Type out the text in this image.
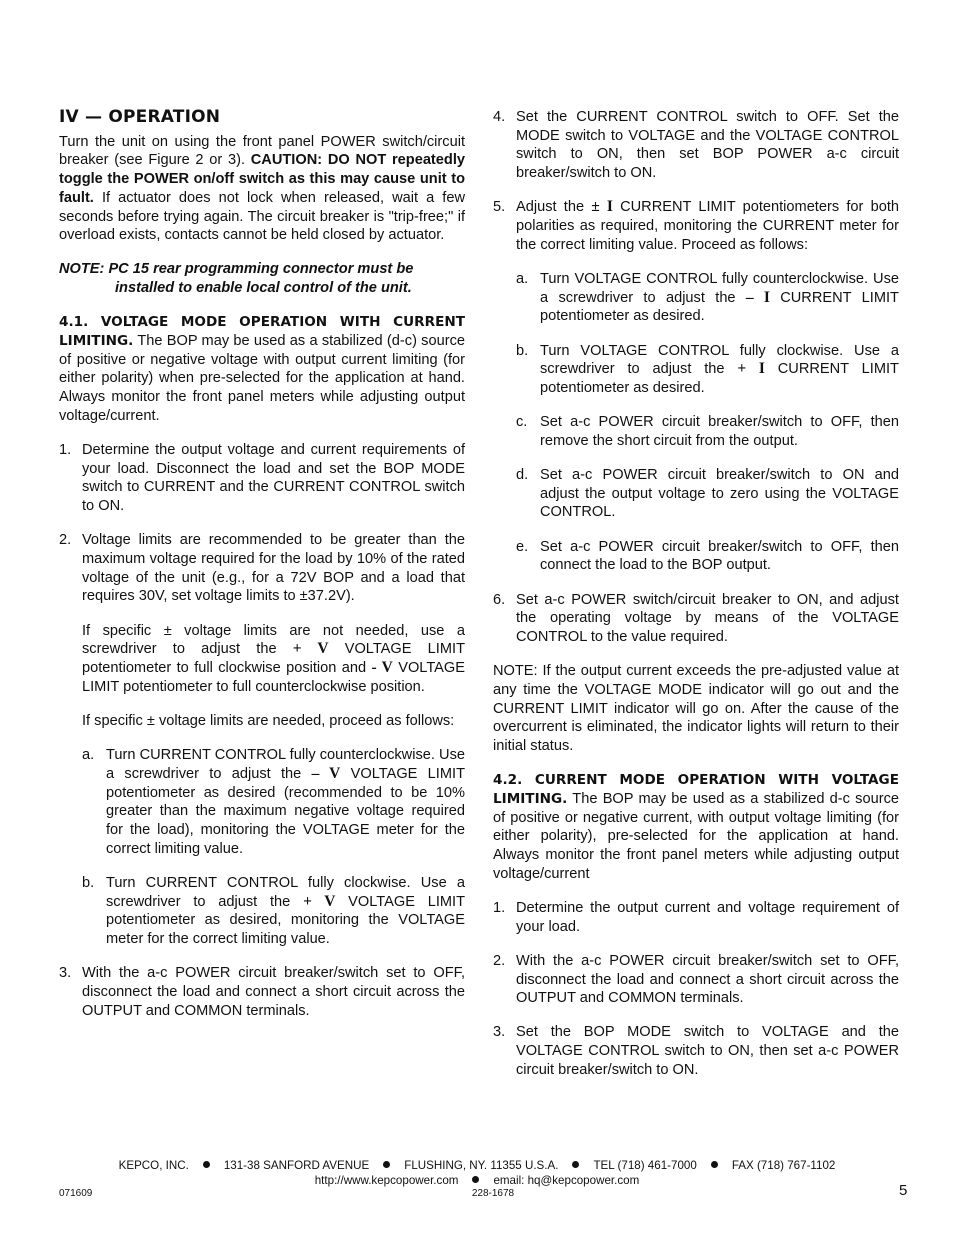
IV — OPERATION

Turn the unit on using the front panel POWER switch/circuit breaker (see Figure 2 or 3). CAUTION: DO NOT repeatedly toggle the POWER on/off switch as this may cause unit to fault. If actuator does not lock when released, wait a few seconds before trying again. The circuit breaker is "trip-free;" if overload exists, contacts cannot be held closed by actuator.

NOTE: PC 15 rear programming connector must be
installed to enable local control of the unit.

4.1. VOLTAGE MODE OPERATION WITH CURRENT LIMITING. The BOP may be used as a stabilized (d-c) source of positive or negative voltage with output current limiting (for either polarity) when pre-selected for the application at hand. Always monitor the front panel meters while adjusting output voltage/current.

1. Determine the output voltage and current requirements of your load. Disconnect the load and set the BOP MODE switch to CURRENT and the CURRENT CONTROL switch to ON.

2. Voltage limits are recommended to be greater than the maximum voltage required for the load by 10% of the rated voltage of the unit (e.g., for a 72V BOP and a load that requires 30V, set voltage limits to ±37.2V).

If specific ± voltage limits are not needed, use a screwdriver to adjust the + V VOLTAGE LIMIT potentiometer to full clockwise position and - V VOLTAGE LIMIT potentiometer to full counterclockwise position.

If specific ± voltage limits are needed, proceed as follows:

a. Turn CURRENT CONTROL fully counterclockwise. Use a screwdriver to adjust the – V VOLTAGE LIMIT potentiometer as desired (recommended to be 10% greater than the maximum negative voltage required for the load), monitoring the VOLTAGE meter for the correct limiting value.

b. Turn CURRENT CONTROL fully clockwise. Use a screwdriver to adjust the + V VOLTAGE LIMIT potentiometer as desired, monitoring the VOLTAGE meter for the correct limiting value.

3. With the a-c POWER circuit breaker/switch set to OFF, disconnect the load and connect a short circuit across the OUTPUT and COMMON terminals.

4. Set the CURRENT CONTROL switch to OFF. Set the MODE switch to VOLTAGE and the VOLTAGE CONTROL switch to ON, then set BOP POWER a-c circuit breaker/switch to ON.

5. Adjust the ± I CURRENT LIMIT potentiometers for both polarities as required, monitoring the CURRENT meter for the correct limiting value. Proceed as follows:

a. Turn VOLTAGE CONTROL fully counterclockwise. Use a screwdriver to adjust the – I CURRENT LIMIT potentiometer as desired.

b. Turn VOLTAGE CONTROL fully clockwise. Use a screwdriver to adjust the + I CURRENT LIMIT potentiometer as desired.

c. Set a-c POWER circuit breaker/switch to OFF, then remove the short circuit from the output.

d. Set a-c POWER circuit breaker/switch to ON and adjust the output voltage to zero using the VOLTAGE CONTROL.

e. Set a-c POWER circuit breaker/switch to OFF, then connect the load to the BOP output.

6. Set a-c POWER switch/circuit breaker to ON, and adjust the operating voltage by means of the VOLTAGE CONTROL to the value required.

NOTE: If the output current exceeds the pre-adjusted value at any time the VOLTAGE MODE indicator will go out and the CURRENT LIMIT indicator will go on. After the cause of the overcurrent is eliminated, the indicator lights will return to their initial status.

4.2. CURRENT MODE OPERATION WITH VOLTAGE LIMITING. The BOP may be used as a stabilized d-c source of positive or negative current, with output voltage limiting (for either polarity), pre-selected for the application at hand. Always monitor the front panel meters while adjusting output voltage/current

1. Determine the output current and voltage requirement of your load.

2. With the a-c POWER circuit breaker/switch set to OFF, disconnect the load and connect a short circuit across the OUTPUT and COMMON terminals.

3. Set the BOP MODE switch to VOLTAGE and the VOLTAGE CONTROL switch to ON, then set a-c POWER circuit breaker/switch to ON.

KEPCO, INC.	131-38 SANFORD AVENUE	FLUSHING, NY. 11355 U.S.A.	TEL (718) 461-7000	FAX (718) 767-1102
http://www.kepcopower.com	email: hq@kepcopower.com
071609	228-1678	5
